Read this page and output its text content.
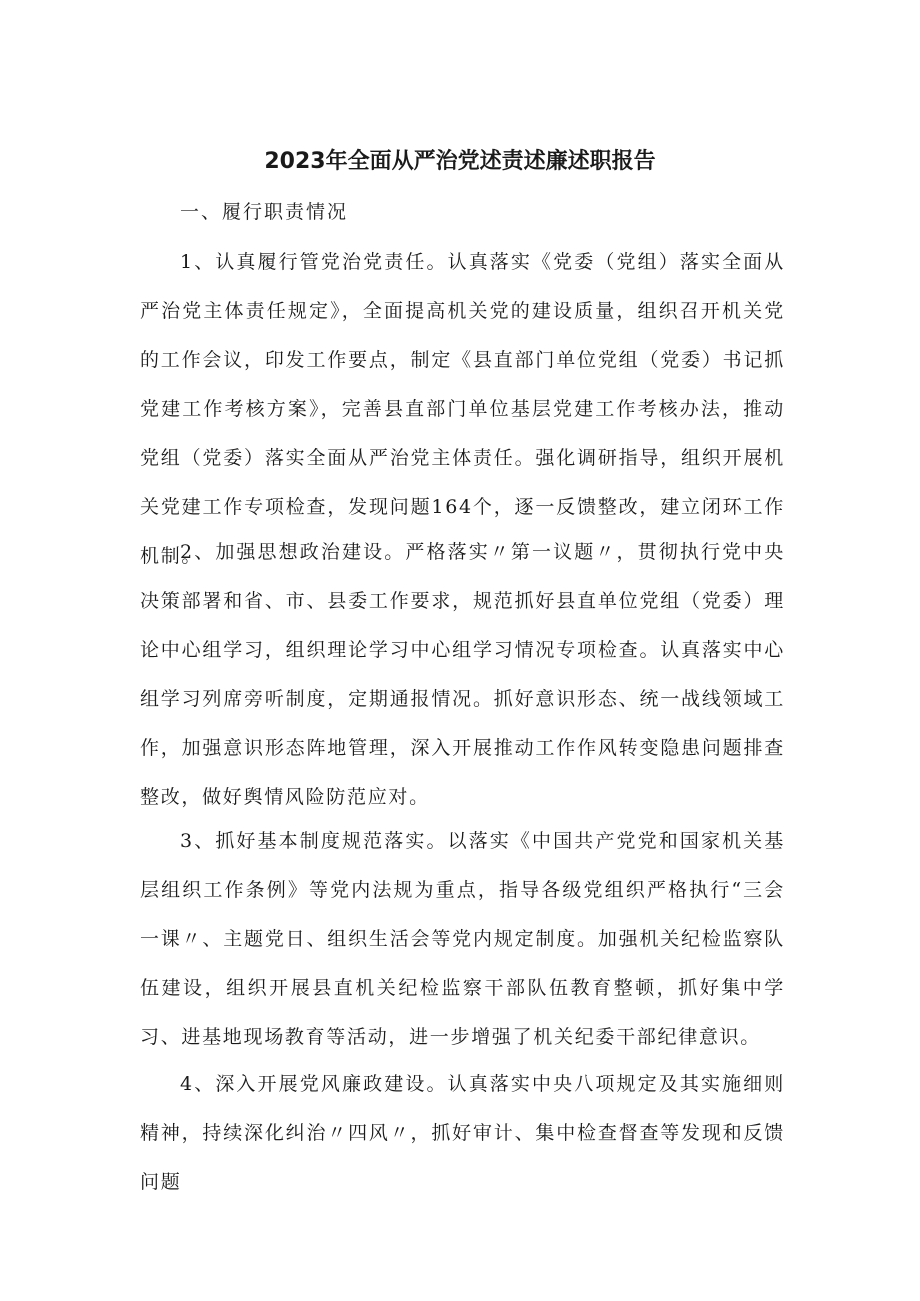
2023年全面从严治党述责述廉述职报告

一、履行职责情况

1、认真履行管党治党责任。认真落实《党委（党组）落实全面从严治党主体责任规定》，全面提高机关党的建设质量，组织召开机关党的工作会议，印发工作要点，制定《县直部门单位党组（党委）书记抓党建工作考核方案》，完善县直部门单位基层党建工作考核办法，推动党组（党委）落实全面从严治党主体责任。强化调研指导，组织开展机关党建工作专项检查，发现问题164个，逐一反馈整改，建立闭环工作机制。

2、加强思想政治建设。严格落实〃第一议题〃，贯彻执行党中央决策部署和省、市、县委工作要求，规范抓好县直单位党组（党委）理论中心组学习，组织理论学习中心组学习情况专项检查。认真落实中心组学习列席旁听制度，定期通报情况。抓好意识形态、统一战线领域工作，加强意识形态阵地管理，深入开展推动工作作风转变隐患问题排查整改，做好舆情风险防范应对。

3、抓好基本制度规范落实。以落实《中国共产党党和国家机关基层组织工作条例》等党内法规为重点，指导各级党组织严格执行“三会一课〃、主题党日、组织生活会等党内规定制度。加强机关纪检监察队伍建设，组织开展县直机关纪检监察干部队伍教育整顿，抓好集中学习、进基地现场教育等活动，进一步增强了机关纪委干部纪律意识。

4、深入开展党风廉政建设。认真落实中央八项规定及其实施细则精神，持续深化纠治〃四风〃，抓好审计、集中检查督查等发现和反馈问题
